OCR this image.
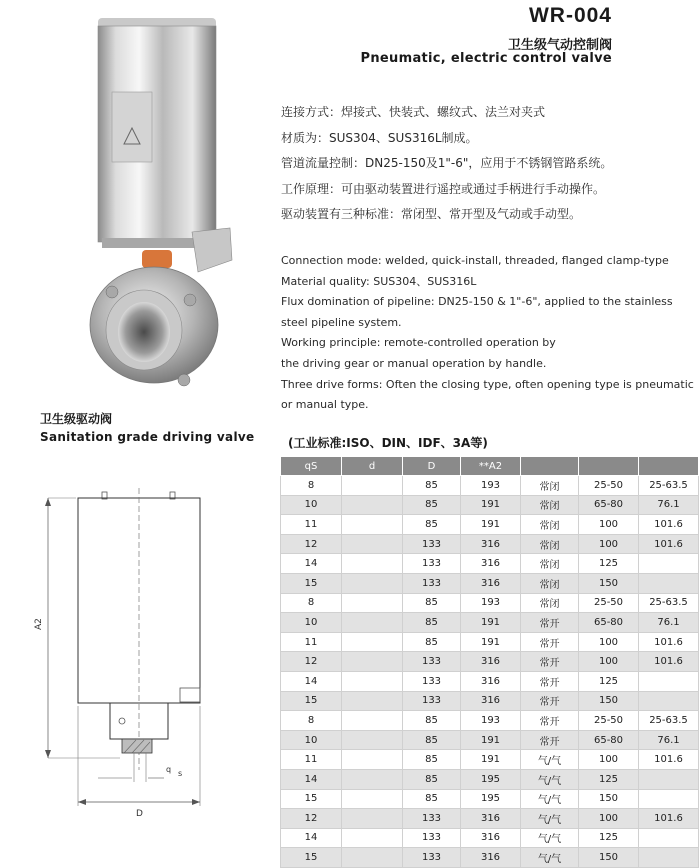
WR-004
卫生级气动控制阀
Pneumatic, electric control valve
连接方式：焊接式、快装式、螺纹式、法兰对夹式
材质为：SUS304、SUS316L制成。
管道流量控制：DN25-150及1"-6"，应用于不锈钢管路系统。
工作原理：可由驱动装置进行遥控或通过手柄进行手动操作。
驱动装置有三种标准：常闭型、常开型及气动或手动型。
Connection mode: welded, quick-install, threaded, flanged clamp-type
Material quality: SUS304、SUS316L
Flux domination of pipeline: DN25-150 & 1"-6", applied to the stainless
steel pipeline system.
Working principle: remote-controlled operation by
the driving gear or manual operation by handle.
Three drive forms: Often the closing type, often opening type is pneumatic
or manual type.
卫生级驱动阀
Sanitation grade driving valve
A2
q s
D
(工业标准:ISO、DIN、IDF、3A等)
qS	d	D	**A2			
8		85	193	常闭	25-50	25-63.5
10		85	191	常闭	65-80	76.1
11		85	191	常闭	100	101.6
12		133	316	常闭	100	101.6
14		133	316	常闭	125	
15		133	316	常闭	150	
8		85	193	常闭	25-50	25-63.5
10		85	191	常开	65-80	76.1
11		85	191	常开	100	101.6
12		133	316	常开	100	101.6
14		133	316	常开	125	
15		133	316	常开	150	
8		85	193	常开	25-50	25-63.5
10		85	191	常开	65-80	76.1
11		85	191	气/气	100	101.6
14		85	195	气/气	125	
15		85	195	气/气	150	
12		133	316	气/气	100	101.6
14		133	316	气/气	125	
15		133	316	气/气	150	
